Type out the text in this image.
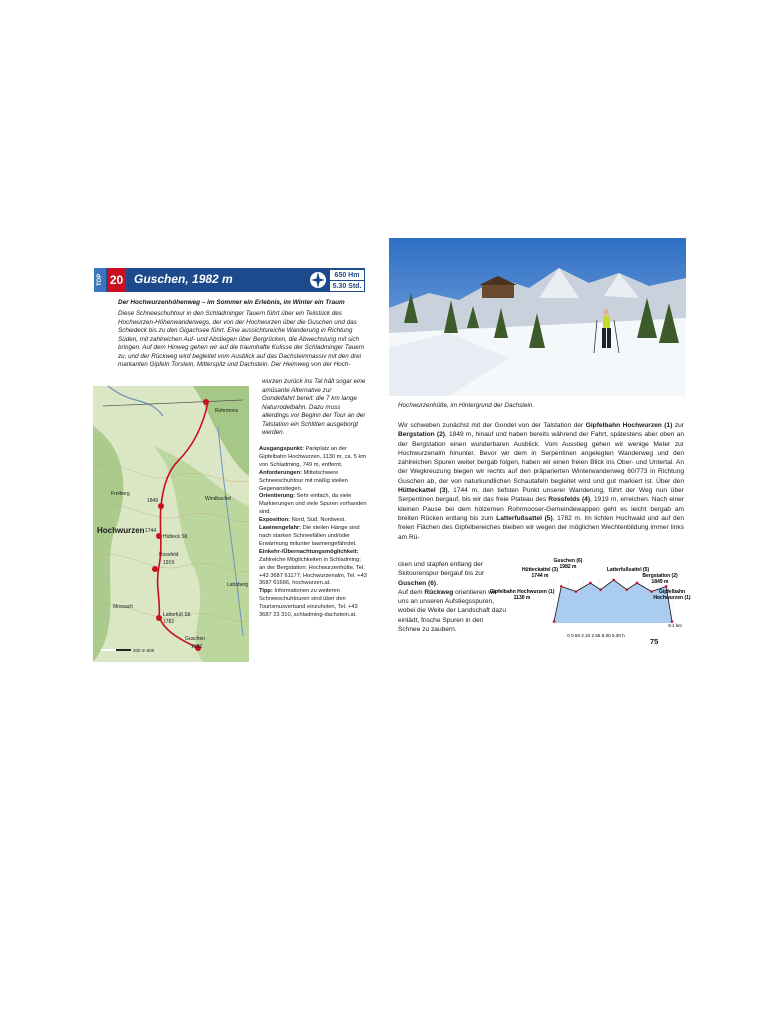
TOP 20 Guschen, 1982 m	650 Hm
5.30 Std.
Der Hochwurzenhöhenweg – im Sommer ein Erlebnis, im Winter ein Traum
Diese Schneeschuhtour in den Schladminger Tauern führt über ein Teilstück des Hochwurzen-Höhenwanderwegs, der von der Hochwurzen über die Guschen und das Schiedeck bis zu den Gigachsee führt. Eine aussichtsreiche Wanderung in Richtung Süden, mit zahlreichen Auf- und Abstiegen über Bergrücken, die Abwechslung mit sich bringen. Auf dem Hinweg gehen wir auf die traumhafte Kulisse der Schladminger Tauern zu, und der Rückweg wird begleitet vom Ausblick auf das Dachsteinmassiv mit den drei markanten Gipfeln Torstein, Mitterspitz und Dachstein. Der Heimweg von der Hoch-
Hochwurzen
Rossfeld
Hütteck Stl.
Latterfuß Stl.
Guschen
Rohrmoos
Windbachel
Lahnberg
Freiberg
Mossach
1849
1744
1919
1782
1982
200 m 600
wurzen zurück ins Tal hält sogar eine amüsante Alternative zur Gondelfahrt bereit: die 7 km lange Naturrodelbahn. Dazu muss allerdings vor Beginn der Tour an der Talstation ein Schlitten ausgeborgt werden.

Ausgangspunkt: Parkplatz an der Gipfelbahn Hochwurzen, 1130 m, ca. 5 km von Schladming, 749 m, entfernt.

Anforderungen: Mittelschwere Schneeschuhtour mit mäßig steilen Gegenanstiegen.

Orientierung: Sehr einfach, da viele Markierungen und viele Spuren vorhanden sind.

Exposition: Nord, Süd, Nordwest.

Lawinengefahr: Die steilen Hänge sind nach starken Schneefällen und/oder Erwärmung mitunter lawinengefährdet.

Einkehr-/Übernachtungsmöglichkeit: Zahlreiche Möglichkeiten in Schladming; an der Bergstation: Hochwurzenhütte, Tel. +43 3687 61177; Hochwurzenalm, Tel. +43 3687 61666, hochwurzen.at.

Tipp: Informationen zu weiteren Schneeschuhtouren sind über den Tourismusverband einzuholen, Tel. +43 3687 23 310, schladming-dachstein.at.

Hochwurzenhütte, im Hintergrund der Dachstein.
Wir schweben zunächst mit der Gondel von der Talstation der Gipfelbahn Hochwurzen (1) zur Bergstation (2), 1849 m, hinauf und haben bereits während der Fahrt, spätestens aber oben an der Bergstation einen wunderbaren Ausblick. Vom Ausstieg gehen wir wenige Meter zur Hochwurzenalm hinunter. Bevor wir dem in Serpentinen angelegten Wanderweg und den zahlreichen Spuren weiter bergab folgen, haben wir einen freien Blick ins Ober- und Untertal. An der Wegkreuzung biegen wir rechts auf den präparierten Winterwanderweg 60/773 in Richtung Guschen ab, der von naturkundlichen Schautafeln begleitet wird und gut markiert ist. Über den Hütteckattel (3), 1744 m, den tiefsten Punkt unserer Wanderung, führt der Weg nun über Serpentinen bergauf, bis wir das freie Plateau des Rossfelds (4), 1919 m, erreichen. Nach einer kleinen Pause bei dem hölzernen Rohrmooser-Gemeindewappen geht es leicht bergab am breiten Rücken entlang bis zum Latterfußsattel (5), 1782 m. Im lichten Hochwald und auf den freien Flächen des Gipfelbereiches bleiben wir wegen der möglichen Wechtenbildung immer links am Rü-
cken und stapfen entlang der Skitourenspur bergauf bis zur Guschen (6).
Auf dem Rückweg orientieren wir uns an unseren Aufstiegsspuren, wobei die Weite der Landschaft dazu einlädt, frische Spuren in den Schnee zu zaubern.
Guschen (6)
1982 m
Hütteckattel (3)
1744 m
Latterfußsattel (5)
Bergstation (2)
1849 m
Gipfelbahn
Hochwurzen (1)
Gipfelbahn Hochwurzen (1)
1130 m
0 0.50 2.10 2.55 5.00 5.30 h
8.1 km
75
